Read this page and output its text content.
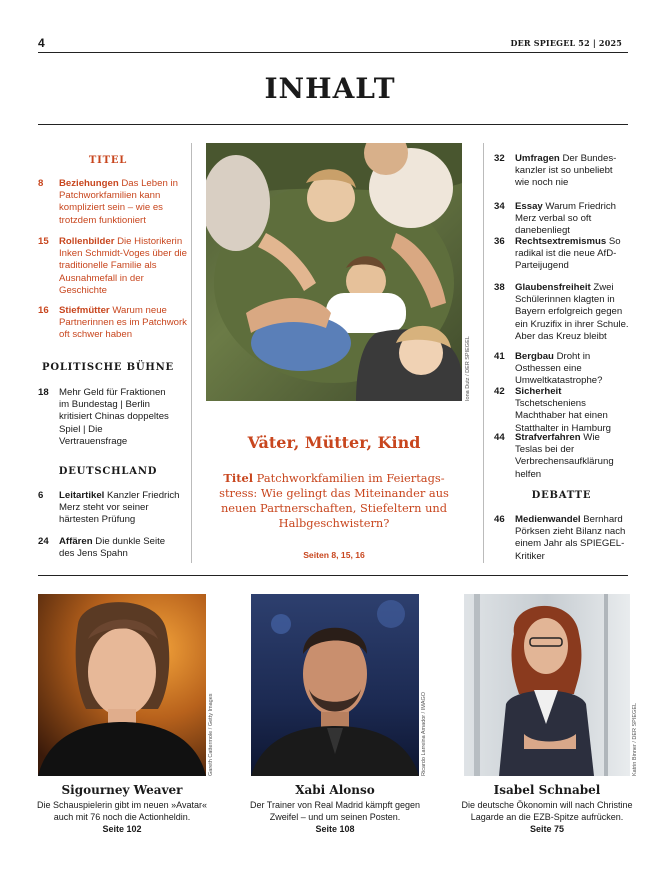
4	DER SPIEGEL 52 | 2025
INHALT
TITEL
8 Beziehungen Das Leben in Patchworkfamilien kann kompliziert sein – wie es trotzdem funktioniert
15 Rollenbilder Die Historikerin Inken Schmidt-Voges über die traditionelle Familie als Ausnahmefall in der Geschichte
16 Stiefmütter Warum neue Partnerinnen es im Patchwork oft schwer haben
POLITISCHE BÜHNE
18 Mehr Geld für Fraktionen im Bundestag | Berlin kritisiert Chinas doppeltes Spiel | Die Vertrauensfrage
DEUTSCHLAND
6 Leitartikel Kanzler Friedrich Merz steht vor seiner härtesten Prüfung
24 Affären Die dunkle Seite des Jens Spahn
Iona Dutz / DER SPIEGEL
Väter, Mütter, Kind
Titel Patchworkfamilien im Feiertagsstress: Wie gelingt das Miteinander aus neuen Partnerschaften, Stiefeltern und Halbgeschwistern?
Seiten 8, 15, 16
32 Umfragen Der Bundeskanzler ist so unbeliebt wie noch nie
34 Essay Warum Friedrich Merz verbal so oft danebenliegt
36 Rechtsextremismus So radikal ist die neue AfD-Parteijugend
38 Glaubensfreiheit Zwei Schülerinnen klagten in Bayern erfolgreich gegen ein Kruzifix in ihrer Schule. Aber das Kreuz bleibt
41 Bergbau Droht in Osthessen eine Umweltkatastrophe?
42 Sicherheit Tschetscheniens Machthaber hat einen Statthalter in Hamburg
44 Strafverfahren Wie Teslas bei der Verbrechensaufklärung helfen
DEBATTE
46 Medienwandel Bernhard Pörksen zieht Bilanz nach einem Jahr als SPIEGEL-Kritiker
Gareth Cattermole / Getty Images
Sigourney Weaver
Die Schauspielerin gibt im neuen »Avatar« auch mit 76 noch die Actionheldin.
Seite 102
Ricardo Larreina Amador / IMAGO
Xabi Alonso
Der Trainer von Real Madrid kämpft gegen Zweifel – und um seinen Posten.
Seite 108
Katrin Binner / DER SPIEGEL
Isabel Schnabel
Die deutsche Ökonomin will nach Christine Lagarde an die EZB-Spitze aufrücken.
Seite 75
